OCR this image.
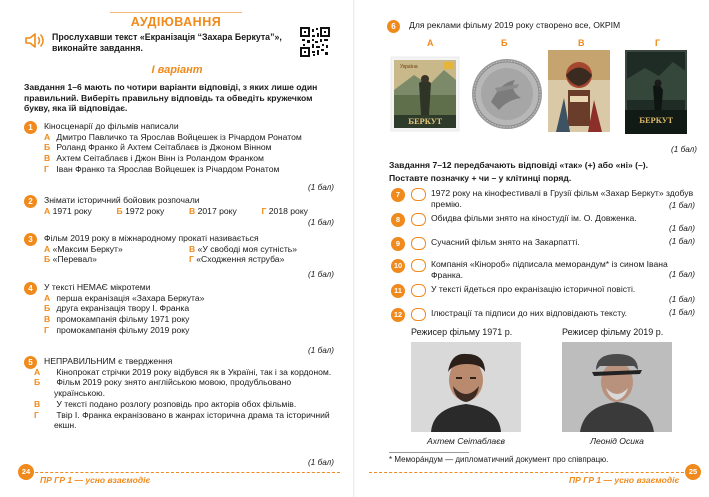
АУДІЮВАННЯ
Прослухавши текст «Екранізація “Захара Беркута”», виконайте завдання.
І варіант
Завдання 1–6 мають по чотири варіанти відповіді, з яких лише один правильний. Виберіть правильну відповідь та обведіть кружечком букву, яка їй відповідає.
1	Кіносценарії до фільмів написали
А Дмитро Павличко та Ярослав Войцешек із Річардом Ронатом
Б Роланд Франко й Ахтем Сеітаблаєв із Джоном Вінном
В Ахтем Сеітаблаєв і Джон Вінн із Роландом Франком
Г Іван Франко та Ярослав Войцешек із Річардом Ронатом
(1 бал)
2	Знімати історичний бойовик розпочали
А 1971 року	Б 1972 року	В 2017 року	Г 2018 року
(1 бал)
3	Фільм 2019 року в міжнародному прокаті називається
А «Максим Беркут»	В «У свободі моя сутність»
Б «Перевал»	Г «Сходження яструба»
(1 бал)
4	У тексті НЕМАЄ мікротеми
А перша екранізація «Захара Беркута»
Б друга екранізація твору І. Франка
В промокампанія фільму 1971 року
Г промокампанія фільму 2019 року
(1 бал)
5	НЕПРАВИЛЬНИМ є твердження
А Кінопрокат стрічки 2019 року відбувся як в Україні, так і за кордоном.
Б Фільм 2019 року знято англійською мовою, продубльовано українською.
В У тексті подано розлогу розповідь про акторів обох фільмів.
Г Твір І. Франка екранізовано в жанрах історична драма та історичний екшн.
(1 бал)
24
ПР ГР 1 — усно взаємодіє
6	Для реклами фільму 2019 року створено все, ОКРІМ
А	Б	В	Г
БЕРКУТ
Україна
БЕРКУТ
(1 бал)
Завдання 7–12 передбачають відповіді «так» (+) або «ні» (–).
Поставте позначку + чи – у клітинці поряд.
7	1972 року на кінофестивалі в Грузії фільм «Захар Беркут» здобув премію.	(1 бал)
8	Обидва фільми знято на кіностудії ім. О. Довженка.
(1 бал)
9	Сучасний фільм знято на Закарпатті.	(1 бал)
10	Компанія «Кінороб» підписала меморандум* із сином Івана Франка.	(1 бал)
11	У тексті йдеться про екранізацію історичної повісті.
(1 бал)
12	Ілюстрації та підписи до них відповідають тексту.	(1 бал)
Режисер фільму 1971 р.	Режисер фільму 2019 р.
Ахтем Сеітаблаєв	Леонід Осика
* Меморáндум — дипломатичний документ про співпрацю.
ПР ГР 1 — усно взаємодіє
25
